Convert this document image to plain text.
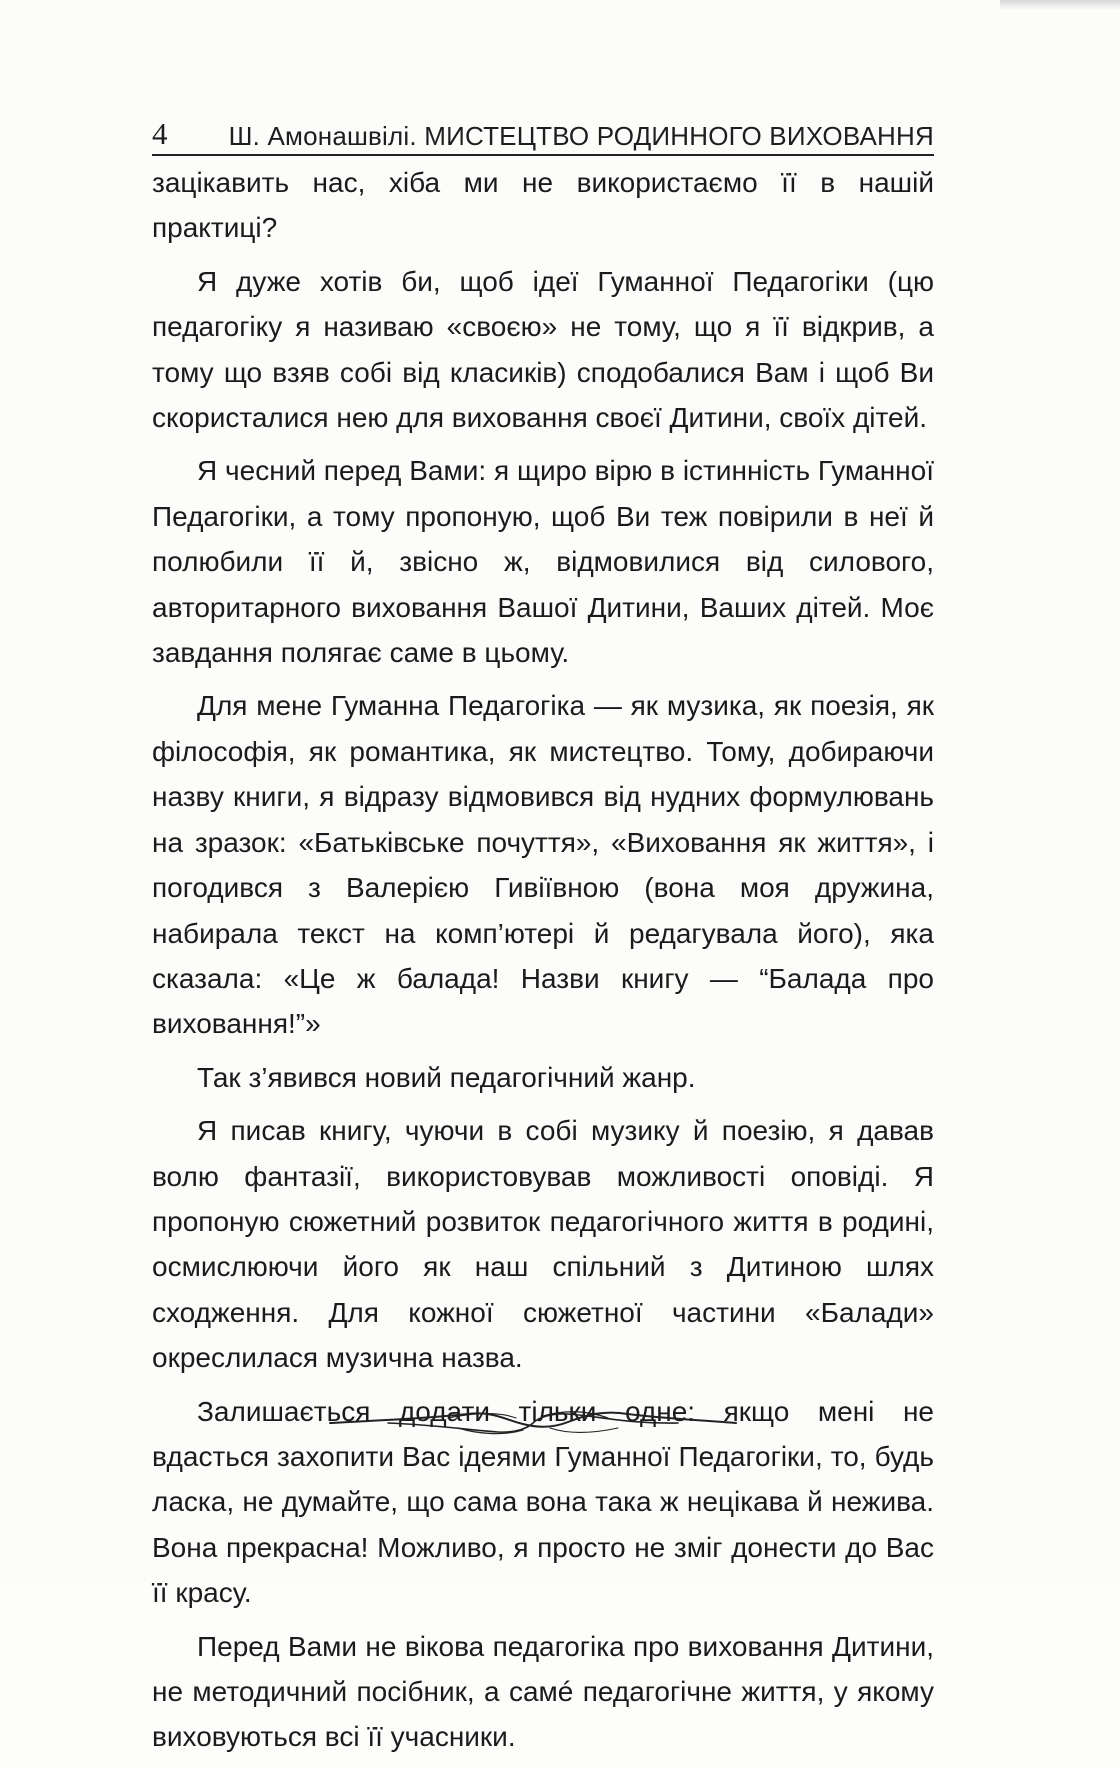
4 Ш. Амонашвілі. МИСТЕЦТВО РОДИННОГО ВИХОВАННЯ

зацікавить нас, хіба ми не використаємо її в нашій практиці?

Я дуже хотів би, щоб ідеї Гуманної Педагогіки (цю педагогіку я називаю «своєю» не тому, що я її відкрив, а тому що взяв собі від класиків) сподобалися Вам і щоб Ви скористалися нею для виховання своєї Дитини, своїх дітей.

Я чесний перед Вами: я щиро вірю в істинність Гуманної Педагогіки, а тому пропоную, щоб Ви теж повірили в неї й полюбили її й, звісно ж, відмовилися від силового, авторитарного виховання Вашої Дитини, Ваших дітей. Моє завдання полягає саме в цьому.

Для мене Гуманна Педагогіка — як музика, як поезія, як філософія, як романтика, як мистецтво. Тому, добираючи назву книги, я відразу відмовився від нудних формулювань на зразок: «Батьківське почуття», «Виховання як життя», і погодився з Валерією Гивіївною (вона моя дружина, набирала текст на комп’ютері й редагувала його), яка сказала: «Це ж балада! Назви книгу — “Балада про виховання!”»

Так з’явився новий педагогічний жанр.

Я писав книгу, чуючи в собі музику й поезію, я давав волю фантазії, використовував можливості оповіді. Я пропоную сюжетний розвиток педагогічного життя в родині, осмислюючи його як наш спільний з Дитиною шлях сходження. Для кожної сюжетної частини «Балади» окреслилася музична назва.

Залишається додати тільки одне: якщо мені не вдасться захопити Вас ідеями Гуманної Педагогіки, то, будь ласка, не думайте, що сама вона така ж нецікава й нежива. Вона прекрасна! Можливо, я просто не зміг донести до Вас її красу.

Перед Вами не вікова педагогіка про виховання Дитини, не методичний посібник, а самé педагогічне життя, у якому виховуються всі її учасники.
